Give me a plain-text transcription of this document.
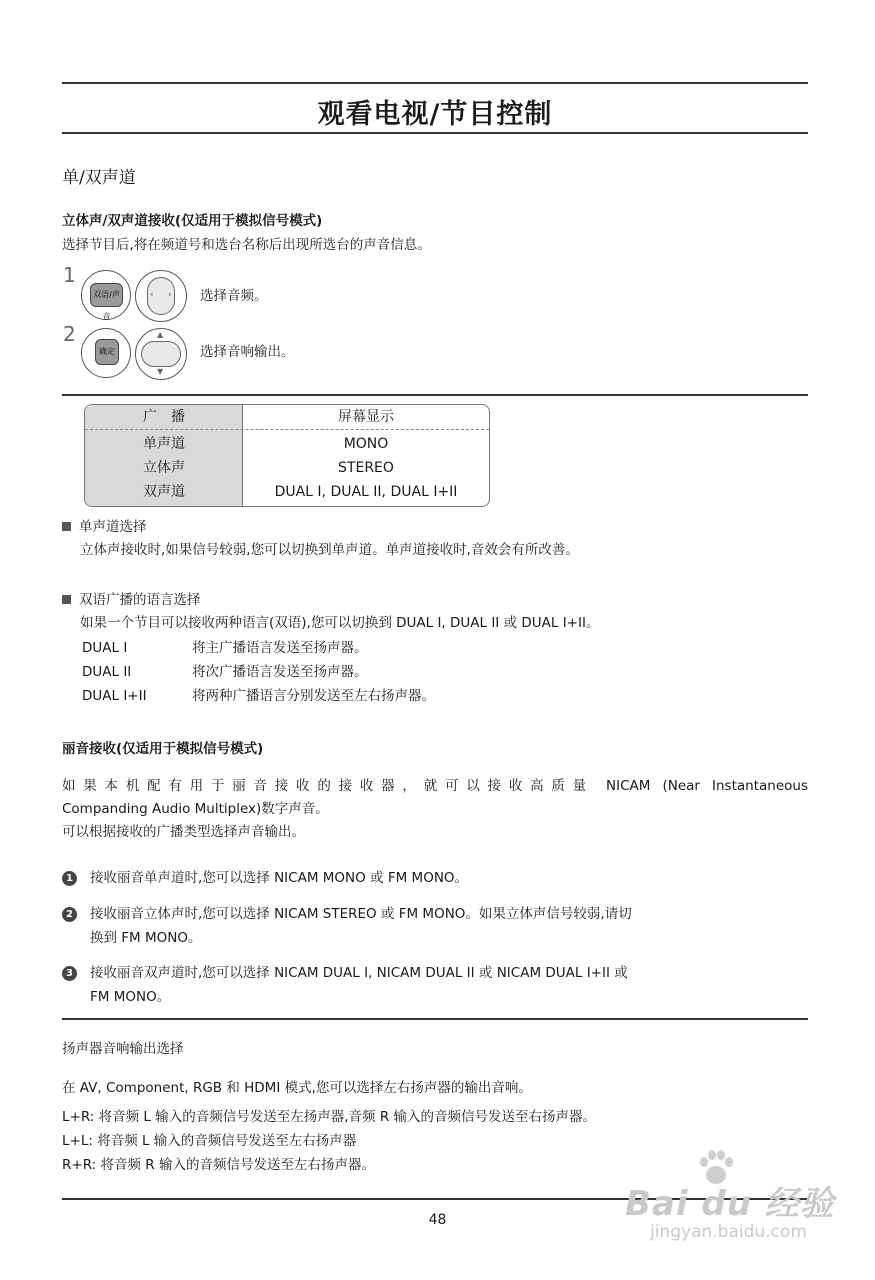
观看电视/节目控制
单/双声道
立体声/双声道接收(仅适用于模拟信号模式)
选择节目后,将在频道号和选台名称后出现所选台的声音信息。
1
双语/声音
‹ › 选择音频。
2
确定
▲
▼
选择音响输出。
广　播	屏幕显示
单声道	MONO
立体声	STEREO
双声道	DUAL I, DUAL II, DUAL I+II
单声道选择
立体声接收时,如果信号较弱,您可以切换到单声道。单声道接收时,音效会有所改善。
双语广播的语言选择
如果一个节目可以接收两种语言(双语),您可以切换到 DUAL I, DUAL II 或 DUAL I+II。
DUAL I	将主广播语言发送至扬声器。
DUAL II	将次广播语言发送至扬声器。
DUAL I+II	将两种广播语言分别发送至左右扬声器。
丽音接收(仅适用于模拟信号模式)
如果本机配有用于丽音接收的接收器，就可以接收高质量 NICAM (Near Instantaneous
Companding Audio Multiplex)数字声音。
可以根据接收的广播类型选择声音输出。
1 接收丽音单声道时,您可以选择 NICAM MONO 或 FM MONO。
2 接收丽音立体声时,您可以选择 NICAM STEREO 或 FM MONO。如果立体声信号较弱,请切
换到 FM MONO。
3 接收丽音双声道时,您可以选择 NICAM DUAL I, NICAM DUAL II 或 NICAM DUAL I+II 或
FM MONO。
扬声器音响输出选择
在 AV, Component, RGB 和 HDMI 模式,您可以选择左右扬声器的输出音响。
L+R: 将音频 L 输入的音频信号发送至左扬声器,音频 R 输入的音频信号发送至右扬声器。
L+L: 将音频 L 输入的音频信号发送至左右扬声器
R+R: 将音频 R 输入的音频信号发送至左右扬声器。
48	Bai du 经验
jingyan.baidu.com
